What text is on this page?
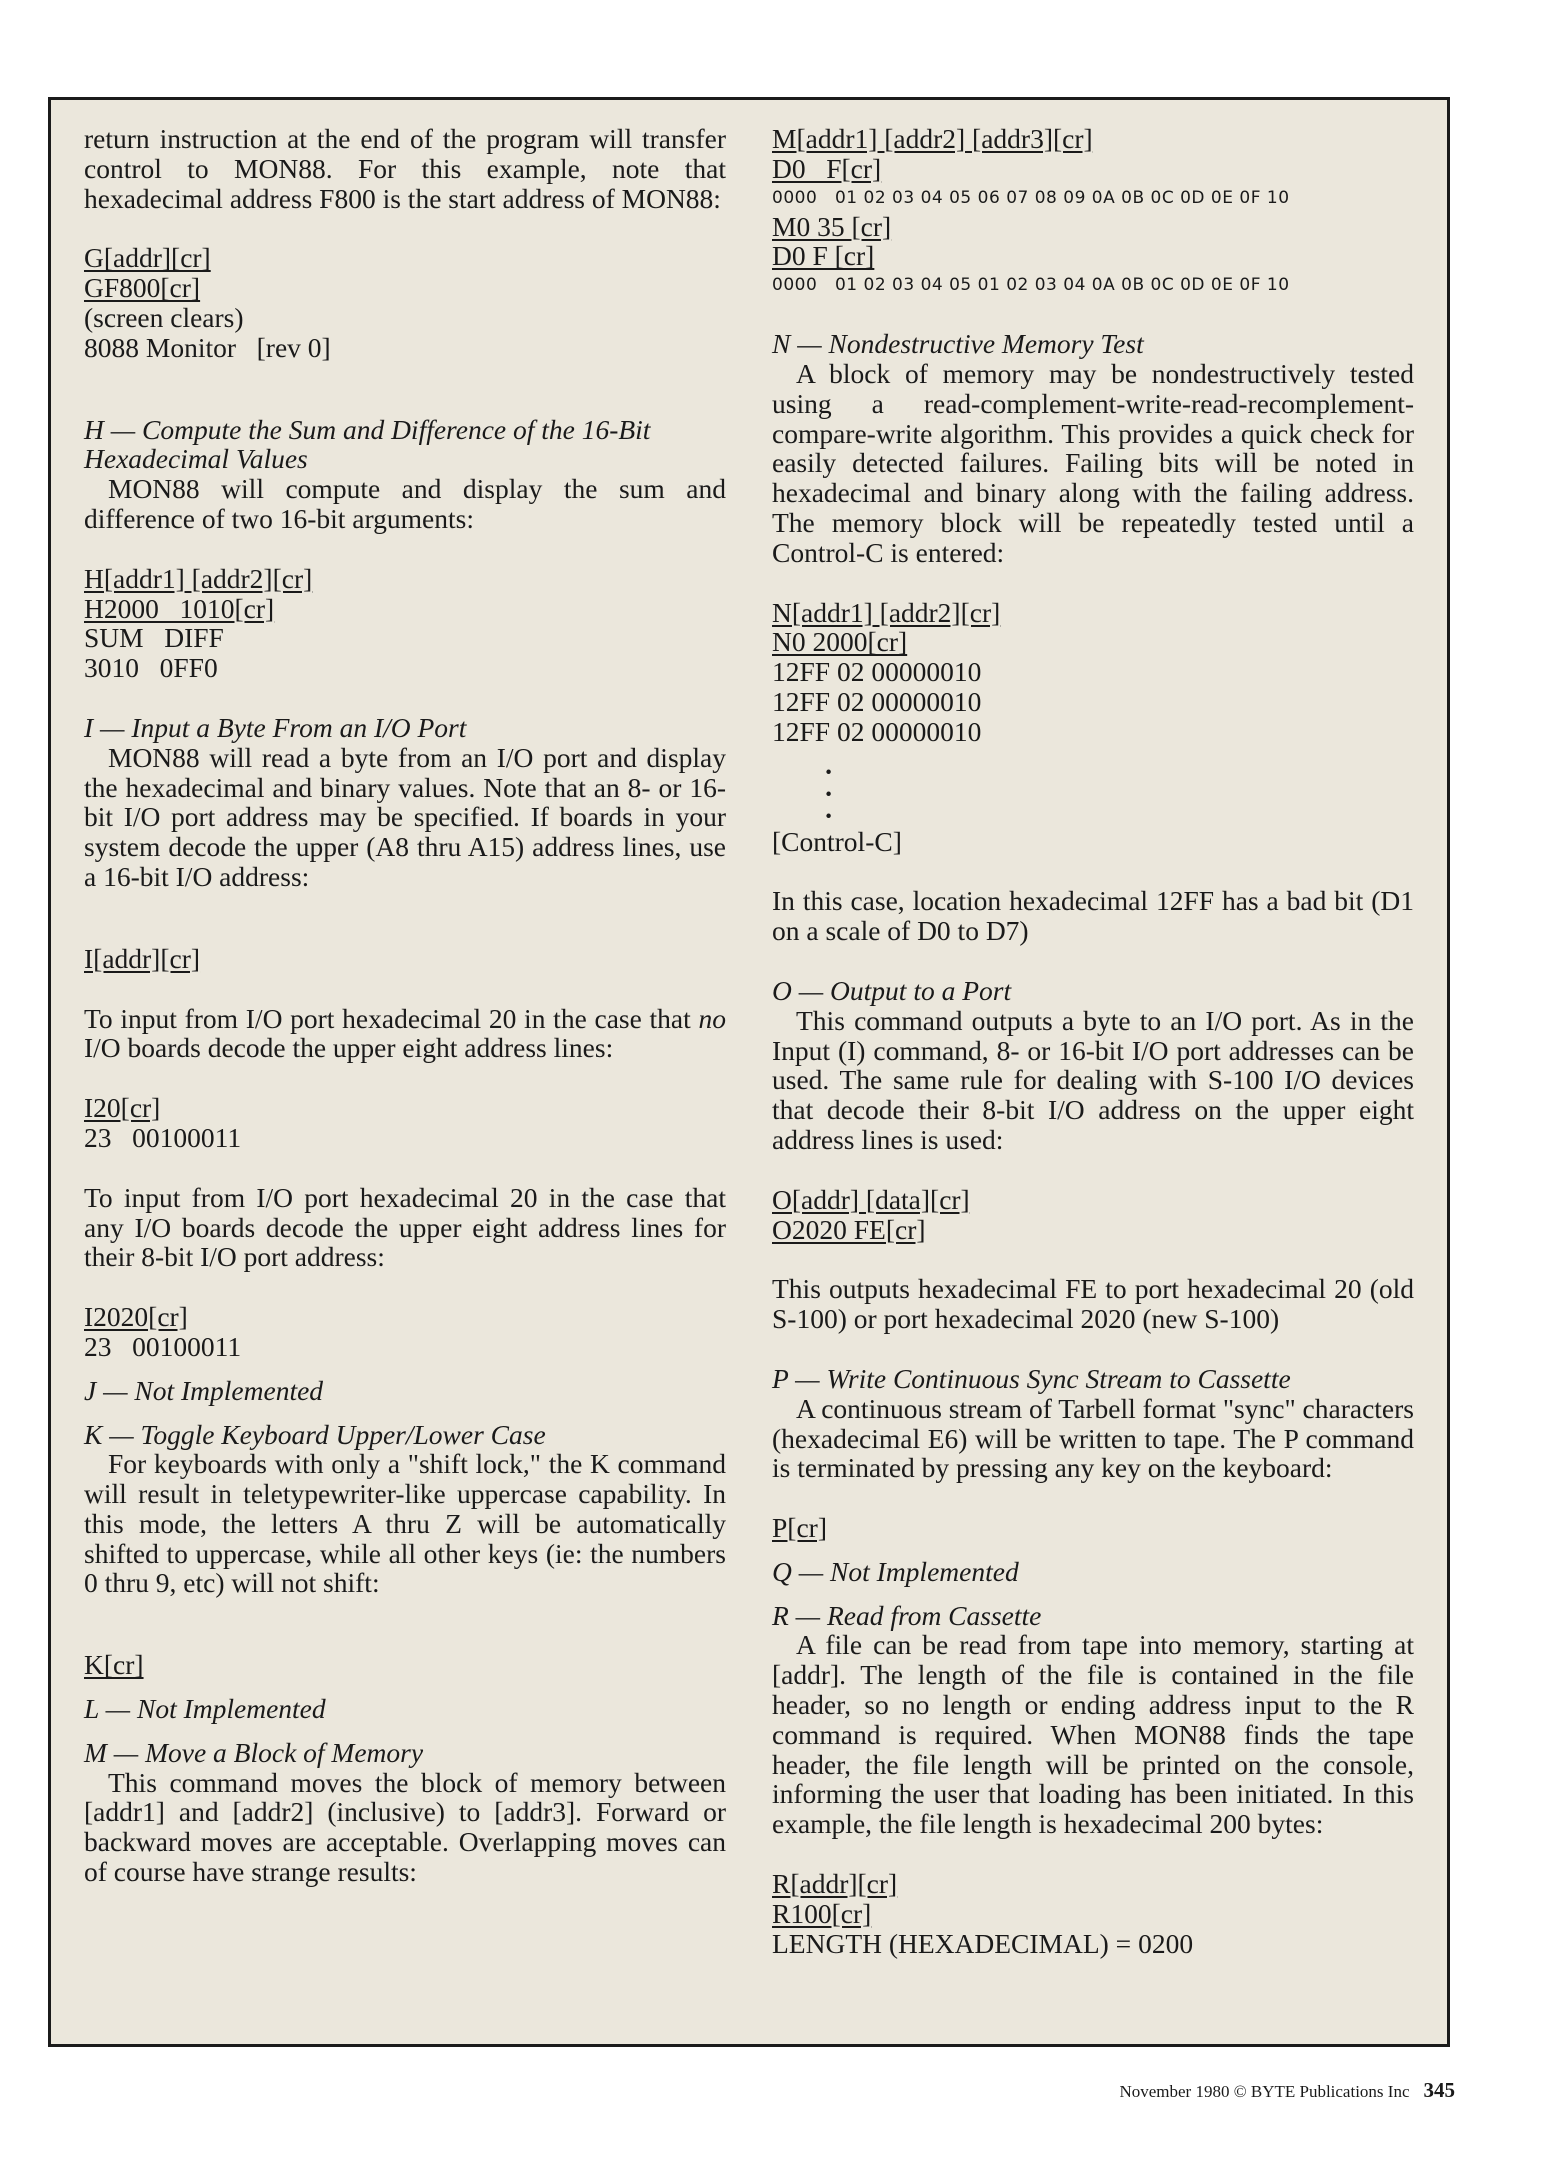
return instruction at the end of the program will transfer control to MON88. For this example, note that hexadecimal address F800 is the start address of MON88:

G[addr][cr]

GF800[cr]

(screen clears)

8088 Monitor   [rev 0]

H — Compute the Sum and Difference of the 16-Bit Hexadecimal Values

MON88 will compute and display the sum and difference of two 16-bit arguments:

H[addr1] [addr2][cr]

H2000   1010[cr]

SUM   DIFF

3010   0FF0

I — Input a Byte From an I/O Port

MON88 will read a byte from an I/O port and display the hexadecimal and binary values. Note that an 8- or 16-bit I/O port address may be specified. If boards in your system decode the upper (A8 thru A15) address lines, use a 16-bit I/O address:

I[addr][cr]

To input from I/O port hexadecimal 20 in the case that no I/O boards decode the upper eight address lines:

I20[cr]

23   00100011

To input from I/O port hexadecimal 20 in the case that any I/O boards decode the upper eight address lines for their 8-bit I/O port address:

I2020[cr]

23   00100011

J — Not Implemented

K — Toggle Keyboard Upper/Lower Case

For keyboards with only a "shift lock," the K command will result in teletypewriter-like uppercase capability. In this mode, the letters A thru Z will be automatically shifted to uppercase, while all other keys (ie: the numbers 0 thru 9, etc) will not shift:

K[cr]

L — Not Implemented

M — Move a Block of Memory

This command moves the block of memory between [addr1] and [addr2] (inclusive) to [addr3]. Forward or backward moves are acceptable. Overlapping moves can of course have strange results:

M[addr1] [addr2] [addr3][cr]

D0   F[cr]

0000   01 02 03 04 05 06 07 08 09 0A 0B 0C 0D 0E 0F 10

M0 35 [cr]

D0 F [cr]

0000   01 02 03 04 05 01 02 03 04 0A 0B 0C 0D 0E 0F 10

N — Nondestructive Memory Test

A block of memory may be nondestructively tested using a read-complement-write-read-recomplement-compare-write algorithm. This provides a quick check for easily detected failures. Failing bits will be noted in hexadecimal and binary along with the failing address. The memory block will be repeatedly tested until a Control-C is entered:

N[addr1] [addr2][cr]

N0 2000[cr]

12FF 02 00000010

12FF 02 00000010

12FF 02 00000010

·
·
·

[Control-C]

In this case, location hexadecimal 12FF has a bad bit (D1 on a scale of D0 to D7)

O — Output to a Port

This command outputs a byte to an I/O port. As in the Input (I) command, 8- or 16-bit I/O port addresses can be used. The same rule for dealing with S-100 I/O devices that decode their 8-bit I/O address on the upper eight address lines is used:

O[addr] [data][cr]

O2020 FE[cr]

This outputs hexadecimal FE to port hexadecimal 20 (old S-100) or port hexadecimal 2020 (new S-100)

P — Write Continuous Sync Stream to Cassette

A continuous stream of Tarbell format "sync" characters (hexadecimal E6) will be written to tape. The P command is terminated by pressing any key on the keyboard:

P[cr]

Q — Not Implemented

R — Read from Cassette

A file can be read from tape into memory, starting at [addr]. The length of the file is contained in the file header, so no length or ending address input to the R command is required. When MON88 finds the tape header, the file length will be printed on the console, informing the user that loading has been initiated. In this example, the file length is hexadecimal 200 bytes:

R[addr][cr]

R100[cr]

LENGTH (HEXADECIMAL) = 0200

November 1980 © BYTE Publications Inc 345
